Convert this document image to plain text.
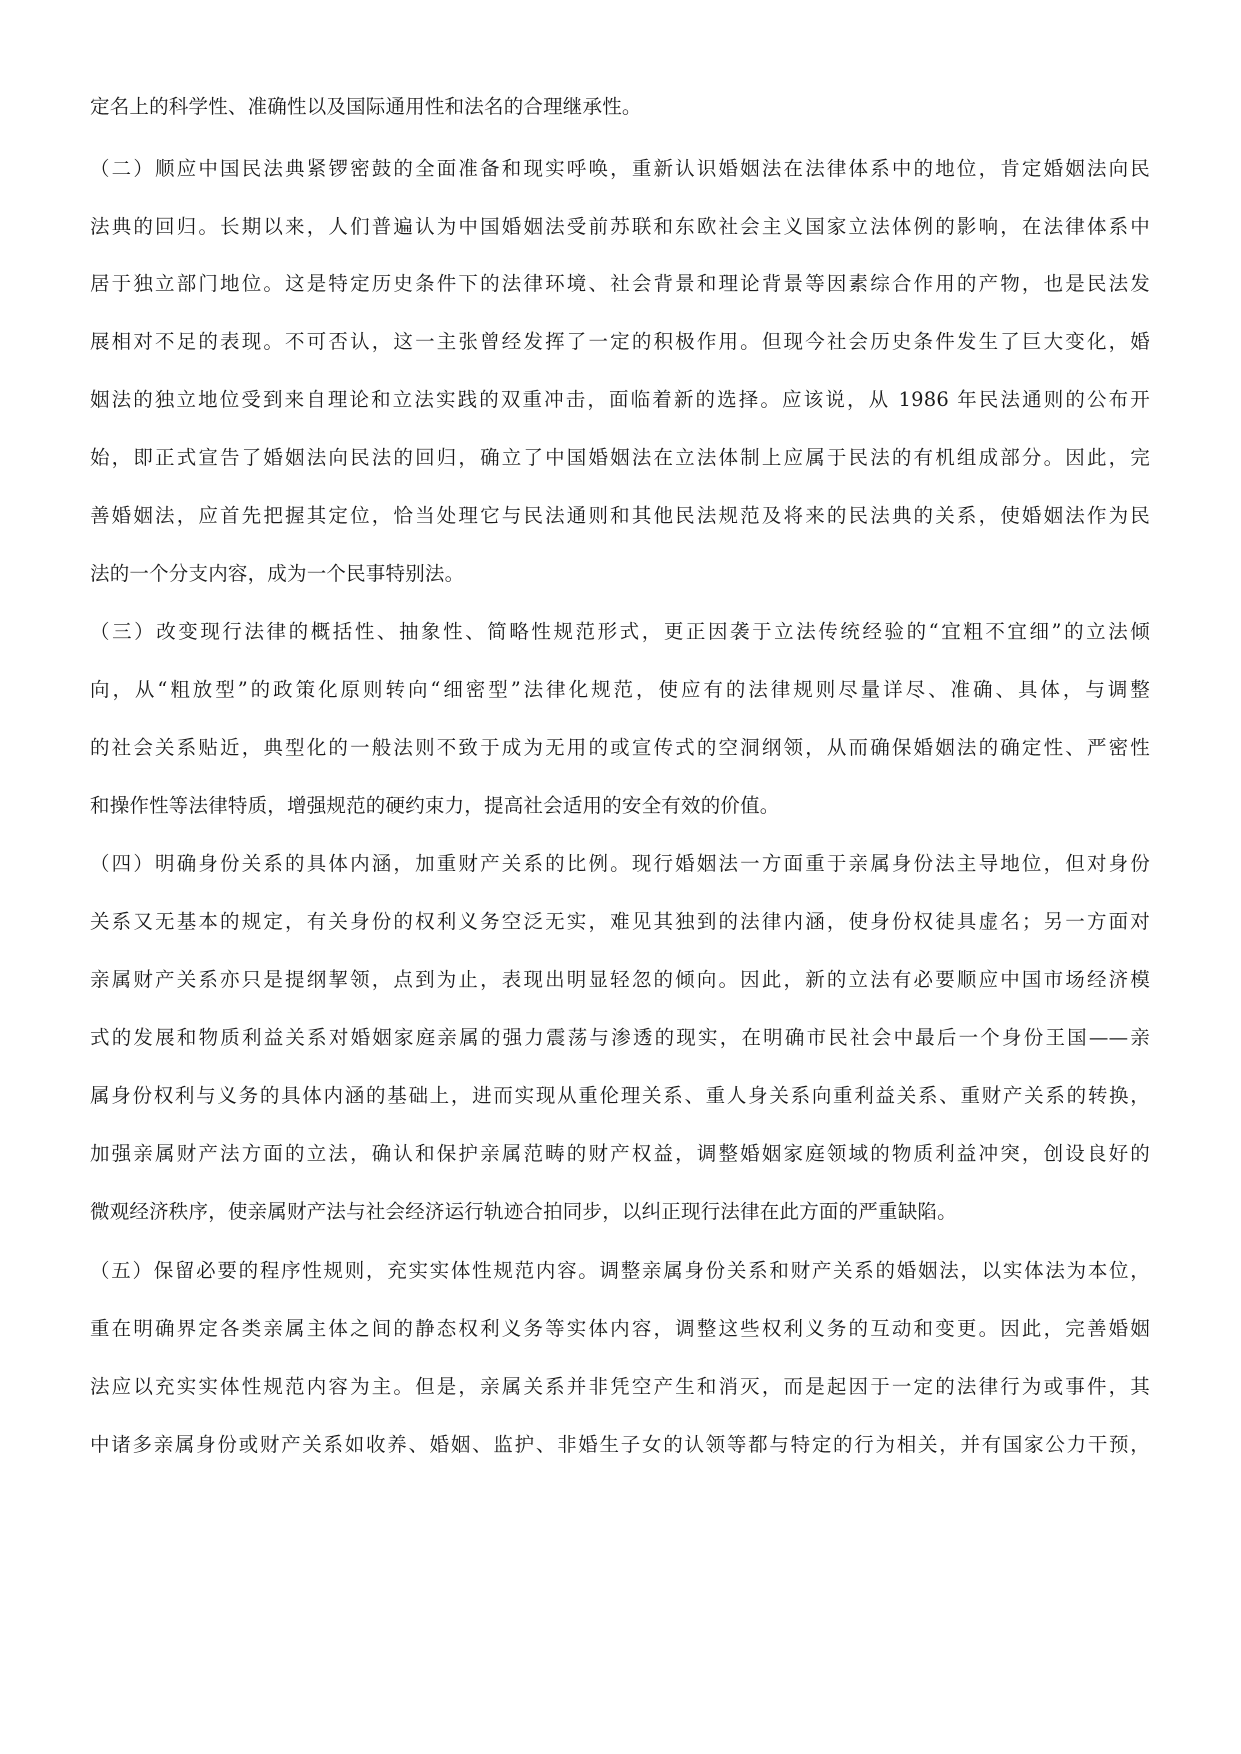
定名上的科学性、准确性以及国际通用性和法名的合理继承性。
（二）顺应中国民法典紧锣密鼓的全面准备和现实呼唤，重新认识婚姻法在法律体系中的地位，肯定婚姻法向民
法典的回归。长期以来，人们普遍认为中国婚姻法受前苏联和东欧社会主义国家立法体例的影响，在法律体系中
居于独立部门地位。这是特定历史条件下的法律环境、社会背景和理论背景等因素综合作用的产物，也是民法发
展相对不足的表现。不可否认，这一主张曾经发挥了一定的积极作用。但现今社会历史条件发生了巨大变化，婚
姻法的独立地位受到来自理论和立法实践的双重冲击，面临着新的选择。应该说，从 1986 年民法通则的公布开
始，即正式宣告了婚姻法向民法的回归，确立了中国婚姻法在立法体制上应属于民法的有机组成部分。因此，完
善婚姻法，应首先把握其定位，恰当处理它与民法通则和其他民法规范及将来的民法典的关系，使婚姻法作为民
法的一个分支内容，成为一个民事特别法。
（三）改变现行法律的概括性、抽象性、简略性规范形式，更正因袭于立法传统经验的“宜粗不宜细”的立法倾
向，从“粗放型”的政策化原则转向“细密型”法律化规范，使应有的法律规则尽量详尽、准确、具体，与调整
的社会关系贴近，典型化的一般法则不致于成为无用的或宣传式的空洞纲领，从而确保婚姻法的确定性、严密性
和操作性等法律特质，增强规范的硬约束力，提高社会适用的安全有效的价值。
（四）明确身份关系的具体内涵，加重财产关系的比例。现行婚姻法一方面重于亲属身份法主导地位，但对身份
关系又无基本的规定，有关身份的权利义务空泛无实，难见其独到的法律内涵，使身份权徒具虚名；另一方面对
亲属财产关系亦只是提纲挈领，点到为止，表现出明显轻忽的倾向。因此，新的立法有必要顺应中国市场经济模
式的发展和物质利益关系对婚姻家庭亲属的强力震荡与渗透的现实，在明确市民社会中最后一个身份王国——亲
属身份权利与义务的具体内涵的基础上，进而实现从重伦理关系、重人身关系向重利益关系、重财产关系的转换，
加强亲属财产法方面的立法，确认和保护亲属范畴的财产权益，调整婚姻家庭领域的物质利益冲突，创设良好的
微观经济秩序，使亲属财产法与社会经济运行轨迹合拍同步，以纠正现行法律在此方面的严重缺陷。
（五）保留必要的程序性规则，充实实体性规范内容。调整亲属身份关系和财产关系的婚姻法，以实体法为本位，
重在明确界定各类亲属主体之间的静态权利义务等实体内容，调整这些权利义务的互动和变更。因此，完善婚姻
法应以充实实体性规范内容为主。但是，亲属关系并非凭空产生和消灭，而是起因于一定的法律行为或事件，其
中诸多亲属身份或财产关系如收养、婚姻、监护、非婚生子女的认领等都与特定的行为相关，并有国家公力干预，
